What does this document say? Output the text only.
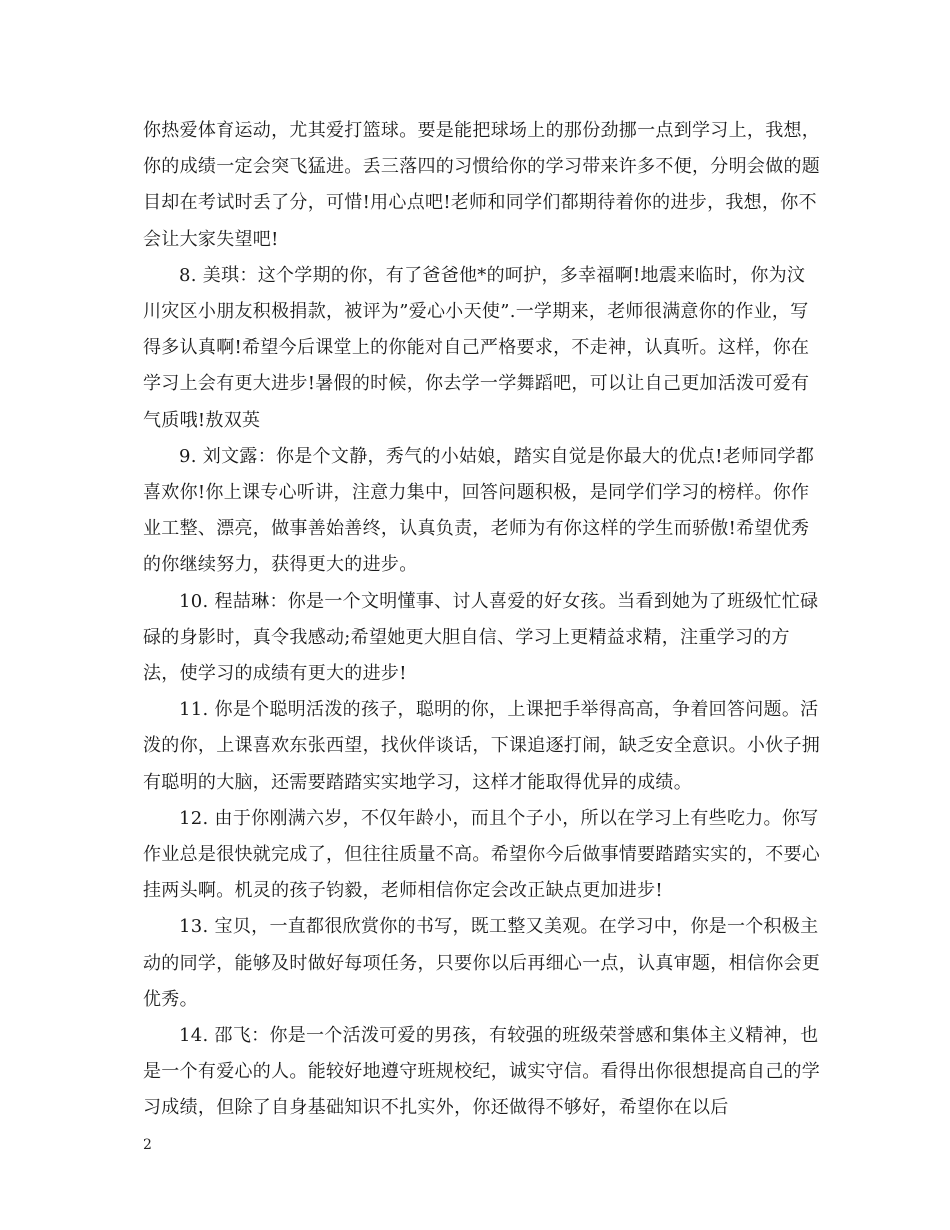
你热爱体育运动，尤其爱打篮球。要是能把球场上的那份劲挪一点到学习上，我想，你的成绩一定会突飞猛进。丢三落四的习惯给你的学习带来许多不便，分明会做的题目却在考试时丢了分，可惜!用心点吧!老师和同学们都期待着你的进步，我想，你不会让大家失望吧!

8. 美琪：这个学期的你，有了爸爸他*的呵护，多幸福啊!地震来临时，你为汶川灾区小朋友积极捐款，被评为”爱心小天使”.一学期来，老师很满意你的作业，写得多认真啊!希望今后课堂上的你能对自己严格要求，不走神，认真听。这样，你在学习上会有更大进步!暑假的时候，你去学一学舞蹈吧，可以让自己更加活泼可爱有气质哦!敖双英

9. 刘文露：你是个文静，秀气的小姑娘，踏实自觉是你最大的优点!老师同学都喜欢你!你上课专心听讲，注意力集中，回答问题积极，是同学们学习的榜样。你作业工整、漂亮，做事善始善终，认真负责，老师为有你这样的学生而骄傲!希望优秀的你继续努力，获得更大的进步。

10. 程喆琳：你是一个文明懂事、讨人喜爱的好女孩。当看到她为了班级忙忙碌碌的身影时，真令我感动;希望她更大胆自信、学习上更精益求精，注重学习的方法，使学习的成绩有更大的进步!

11. 你是个聪明活泼的孩子，聪明的你，上课把手举得高高，争着回答问题。活泼的你，上课喜欢东张西望，找伙伴谈话，下课追逐打闹，缺乏安全意识。小伙子拥有聪明的大脑，还需要踏踏实实地学习，这样才能取得优异的成绩。

12. 由于你刚满六岁，不仅年龄小，而且个子小，所以在学习上有些吃力。你写作业总是很快就完成了，但往往质量不高。希望你今后做事情要踏踏实实的，不要心挂两头啊。机灵的孩子钧毅，老师相信你定会改正缺点更加进步!

13. 宝贝，一直都很欣赏你的书写，既工整又美观。在学习中，你是一个积极主动的同学，能够及时做好每项任务，只要你以后再细心一点，认真审题，相信你会更优秀。

14. 邵飞：你是一个活泼可爱的男孩，有较强的班级荣誉感和集体主义精神，也是一个有爱心的人。能较好地遵守班规校纪，诚实守信。看得出你很想提高自己的学习成绩，但除了自身基础知识不扎实外，你还做得不够好，希望你在以后

2
